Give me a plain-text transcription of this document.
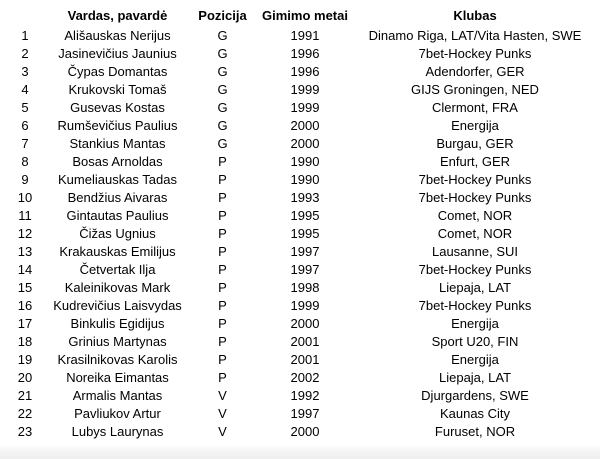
	Vardas, pavardė	Pozicija	Gimimo metai	Klubas
1	Ališauskas Nerijus	G	1991	Dinamo Riga, LAT/Vita Hasten, SWE
2	Jasinevičius Jaunius	G	1996	7bet-Hockey Punks
3	Čypas Domantas	G	1996	Adendorfer, GER
4	Krukovski Tomaš	G	1999	GIJS Groningen, NED
5	Gusevas Kostas	G	1999	Clermont, FRA
6	Rumševičius Paulius	G	2000	Energija
7	Stankius Mantas	G	2000	Burgau, GER
8	Bosas Arnoldas	P	1990	Enfurt, GER
9	Kumeliauskas Tadas	P	1990	7bet-Hockey Punks
10	Bendžius Aivaras	P	1993	7bet-Hockey Punks
11	Gintautas Paulius	P	1995	Comet, NOR
12	Čižas Ugnius	P	1995	Comet, NOR
13	Krakauskas Emilijus	P	1997	Lausanne, SUI
14	Četvertak Ilja	P	1997	7bet-Hockey Punks
15	Kaleinikovas Mark	P	1998	Liepaja, LAT
16	Kudrevičius Laisvydas	P	1999	7bet-Hockey Punks
17	Binkulis Egidijus	P	2000	Energija
18	Grinius Martynas	P	2001	Sport U20, FIN
19	Krasilnikovas Karolis	P	2001	Energija
20	Noreika Eimantas	P	2002	Liepaja, LAT
21	Armalis Mantas	V	1992	Djurgardens, SWE
22	Pavliukov Artur	V	1997	Kaunas City
23	Lubys Laurynas	V	2000	Furuset, NOR
